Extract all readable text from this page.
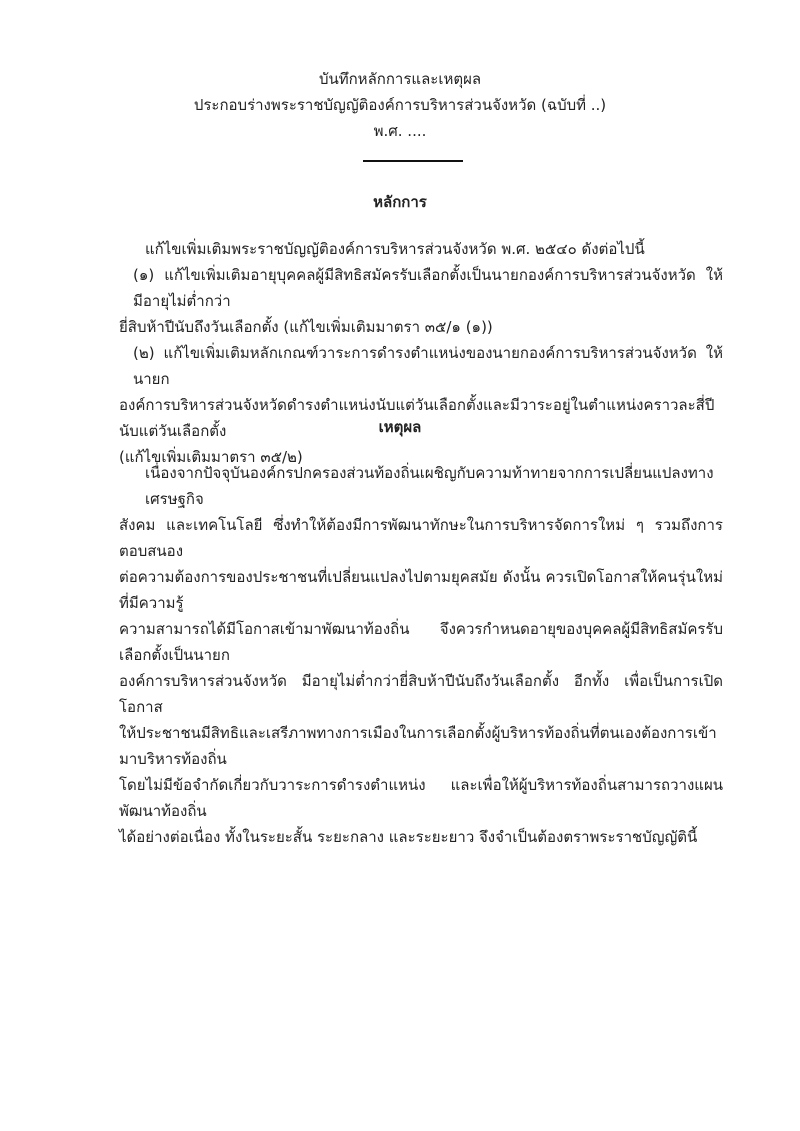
บันทึกหลักการและเหตุผล
ประกอบร่างพระราชบัญญัติองค์การบริหารส่วนจังหวัด (ฉบับที่ ..)
พ.ศ. ....
หลักการ
แก้ไขเพิ่มเติมพระราชบัญญัติองค์การบริหารส่วนจังหวัด พ.ศ. ๒๕๔๐ ดังต่อไปนี้
(๑) แก้ไขเพิ่มเติมอายุบุคคลผู้มีสิทธิสมัครรับเลือกตั้งเป็นนายกองค์การบริหารส่วนจังหวัด ให้มีอายุไม่ต่ำกว่า
ยี่สิบห้าปีนับถึงวันเลือกตั้ง (แก้ไขเพิ่มเติมมาตรา ๓๕/๑ (๑))
(๒) แก้ไขเพิ่มเติมหลักเกณฑ์วาระการดำรงตำแหน่งของนายกองค์การบริหารส่วนจังหวัด ให้นายก
องค์การบริหารส่วนจังหวัดดำรงตำแหน่งนับแต่วันเลือกตั้งและมีวาระอยู่ในตำแหน่งคราวละสี่ปีนับแต่วันเลือกตั้ง
(แก้ไขเพิ่มเติมมาตรา ๓๕/๒)
เหตุผล
เนื่องจากปัจจุบันองค์กรปกครองส่วนท้องถิ่นเผชิญกับความท้าทายจากการเปลี่ยนแปลงทางเศรษฐกิจ
สังคม และเทคโนโลยี ซึ่งทำให้ต้องมีการพัฒนาทักษะในการบริหารจัดการใหม่ ๆ รวมถึงการตอบสนอง
ต่อความต้องการของประชาชนที่เปลี่ยนแปลงไปตามยุคสมัย ดังนั้น ควรเปิดโอกาสให้คนรุ่นใหม่ ที่มีความรู้
ความสามารถได้มีโอกาสเข้ามาพัฒนาท้องถิ่น จึงควรกำหนดอายุของบุคคลผู้มีสิทธิสมัครรับเลือกตั้งเป็นนายก
องค์การบริหารส่วนจังหวัด มีอายุไม่ต่ำกว่ายี่สิบห้าปีนับถึงวันเลือกตั้ง อีกทั้ง เพื่อเป็นการเปิดโอกาส
ให้ประชาชนมีสิทธิและเสรีภาพทางการเมืองในการเลือกตั้งผู้บริหารท้องถิ่นที่ตนเองต้องการเข้ามาบริหารท้องถิ่น
โดยไม่มีข้อจำกัดเกี่ยวกับวาระการดำรงตำแหน่ง และเพื่อให้ผู้บริหารท้องถิ่นสามารถวางแผนพัฒนาท้องถิ่น
ได้อย่างต่อเนื่อง ทั้งในระยะสั้น ระยะกลาง และระยะยาว จึงจำเป็นต้องตราพระราชบัญญัตินี้
